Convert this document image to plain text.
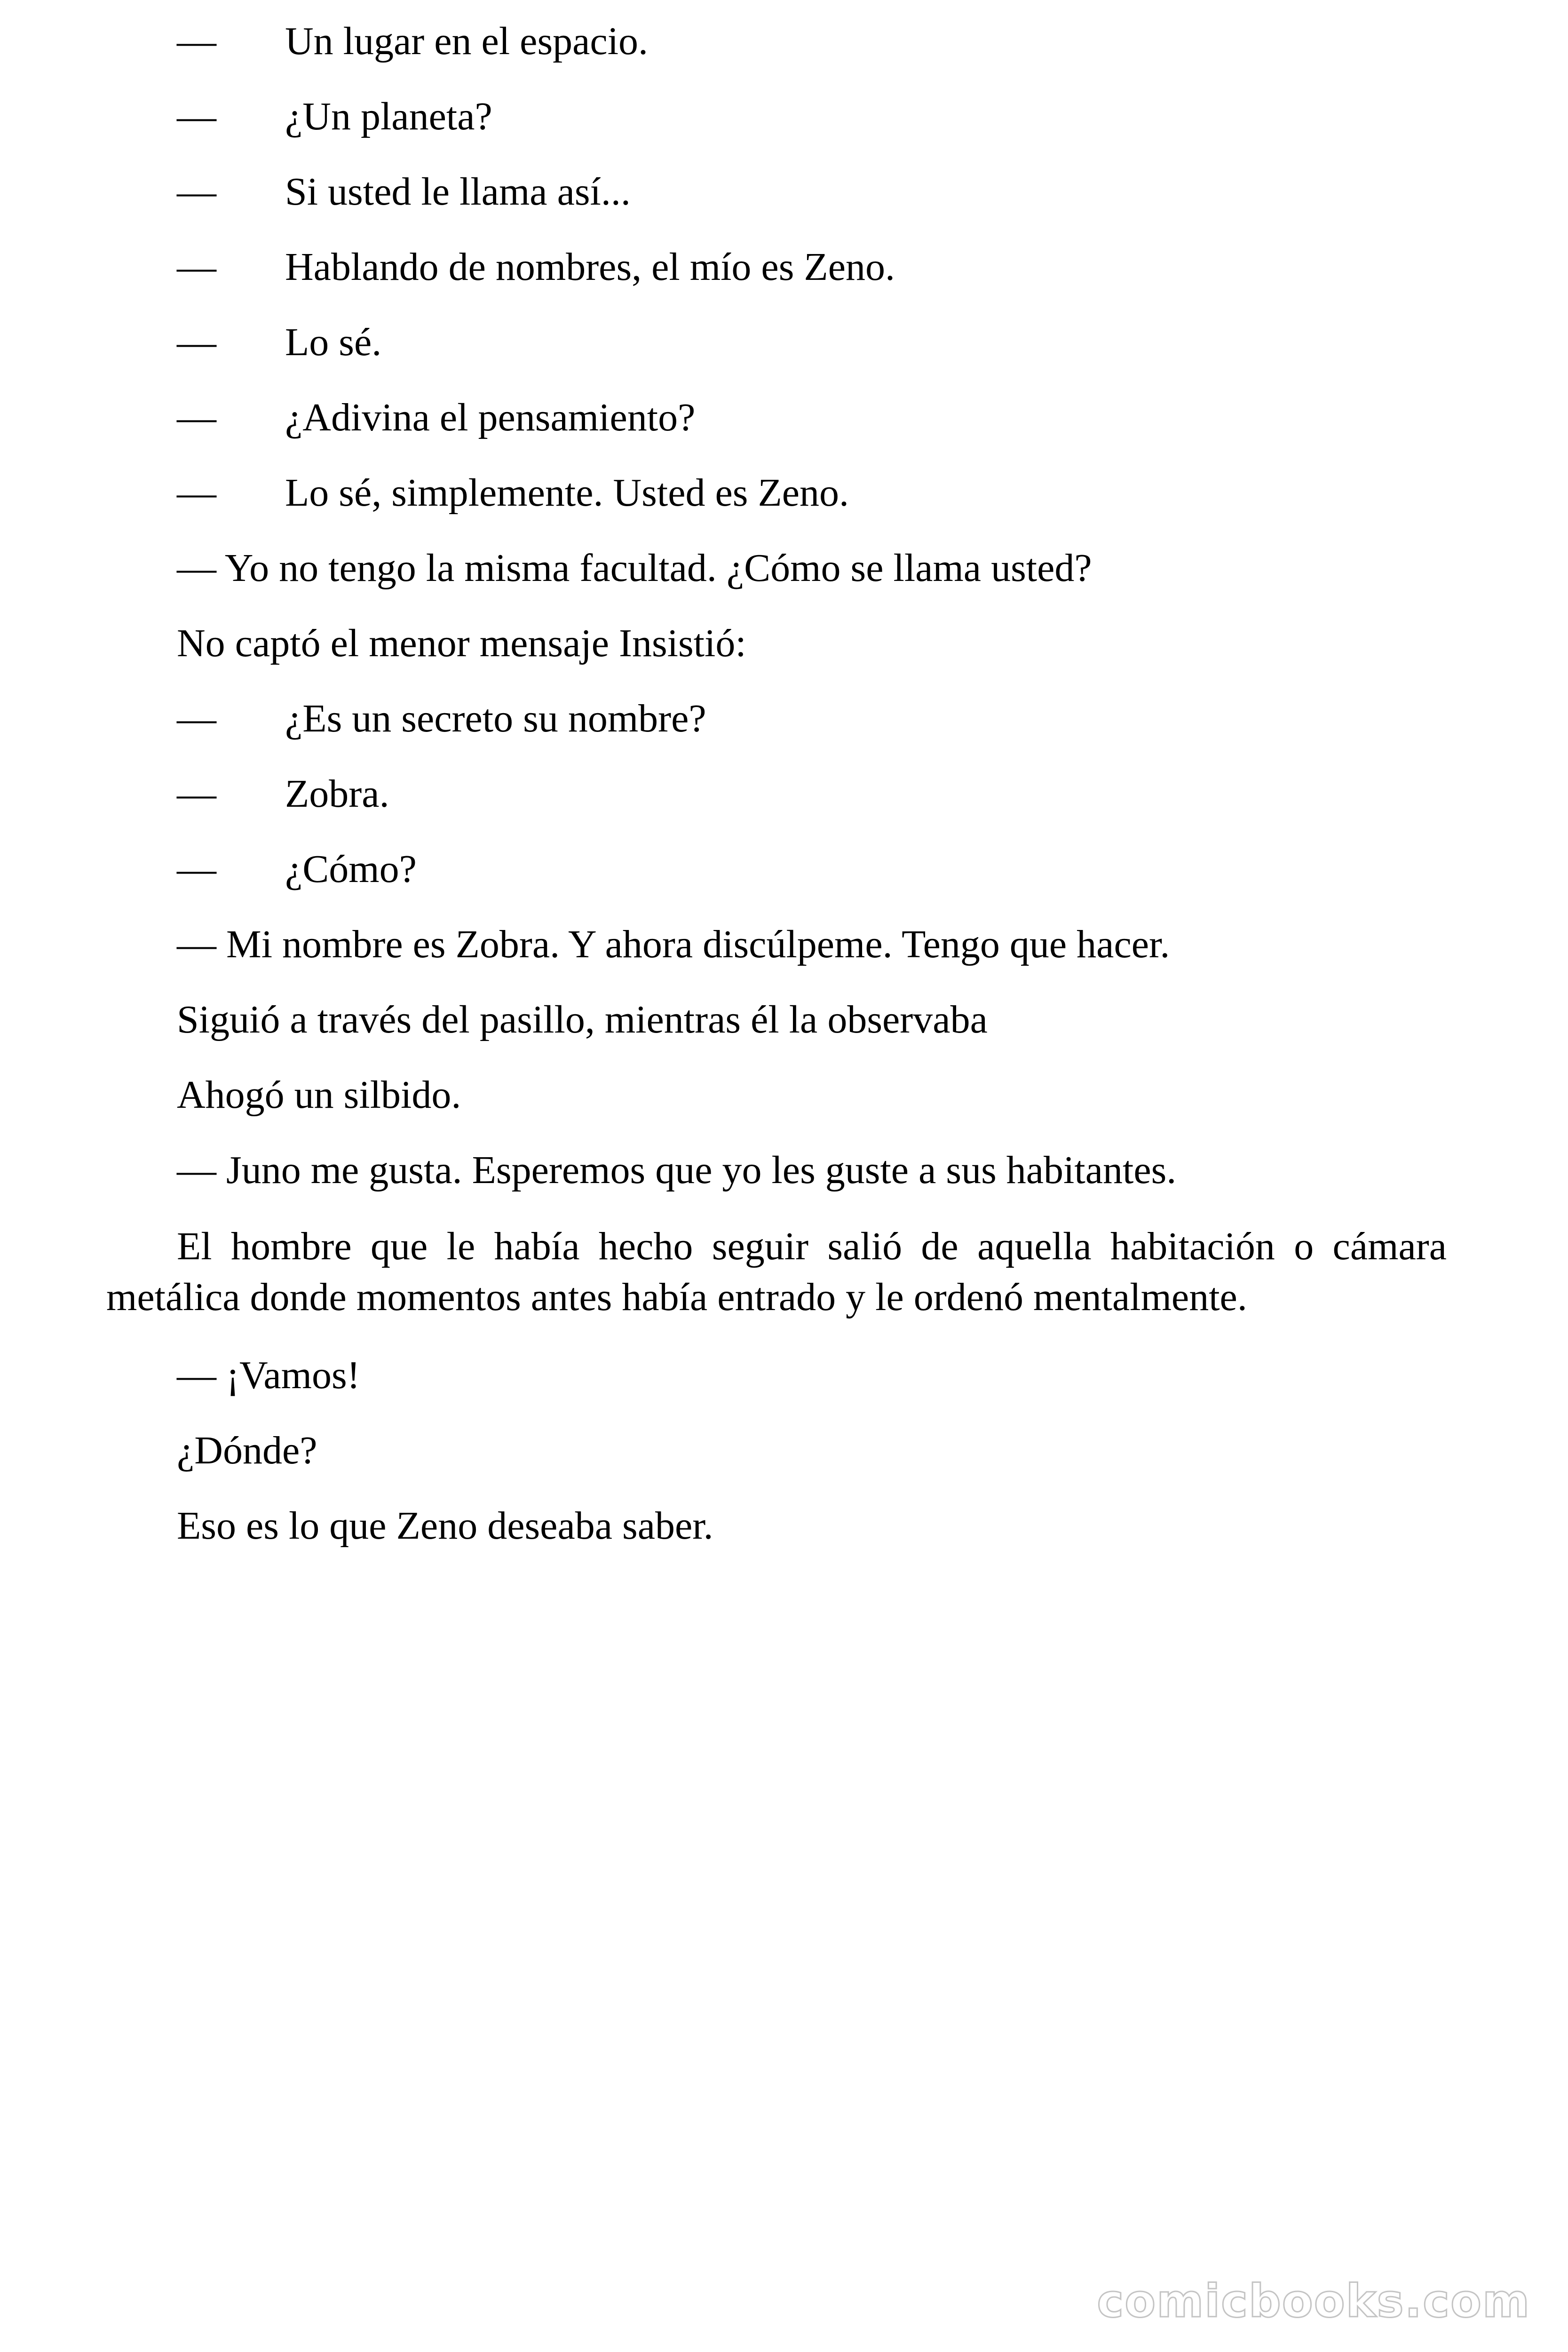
— Un lugar en el espacio.
— ¿Un planeta?
— Si usted le llama así...
— Hablando de nombres, el mío es Zeno.
— Lo sé.
— ¿Adivina el pensamiento?
— Lo sé, simplemente. Usted es Zeno.
— Yo no tengo la misma facultad. ¿Cómo se llama usted?
No captó el menor mensaje Insistió:
— ¿Es un secreto su nombre?
— Zobra.
— ¿Cómo?
— Mi nombre es Zobra. Y ahora discúlpeme. Tengo que hacer.
Siguió a través del pasillo, mientras él la observaba
Ahogó un silbido.
— Juno me gusta. Esperemos que yo les guste a sus habitantes.
El hombre que le había hecho seguir salió de aquella habitación o cámara metálica donde momentos antes había entrado y le ordenó mentalmente.
— ¡Vamos!
¿Dónde?
Eso es lo que Zeno deseaba saber.
comicbooks.com
